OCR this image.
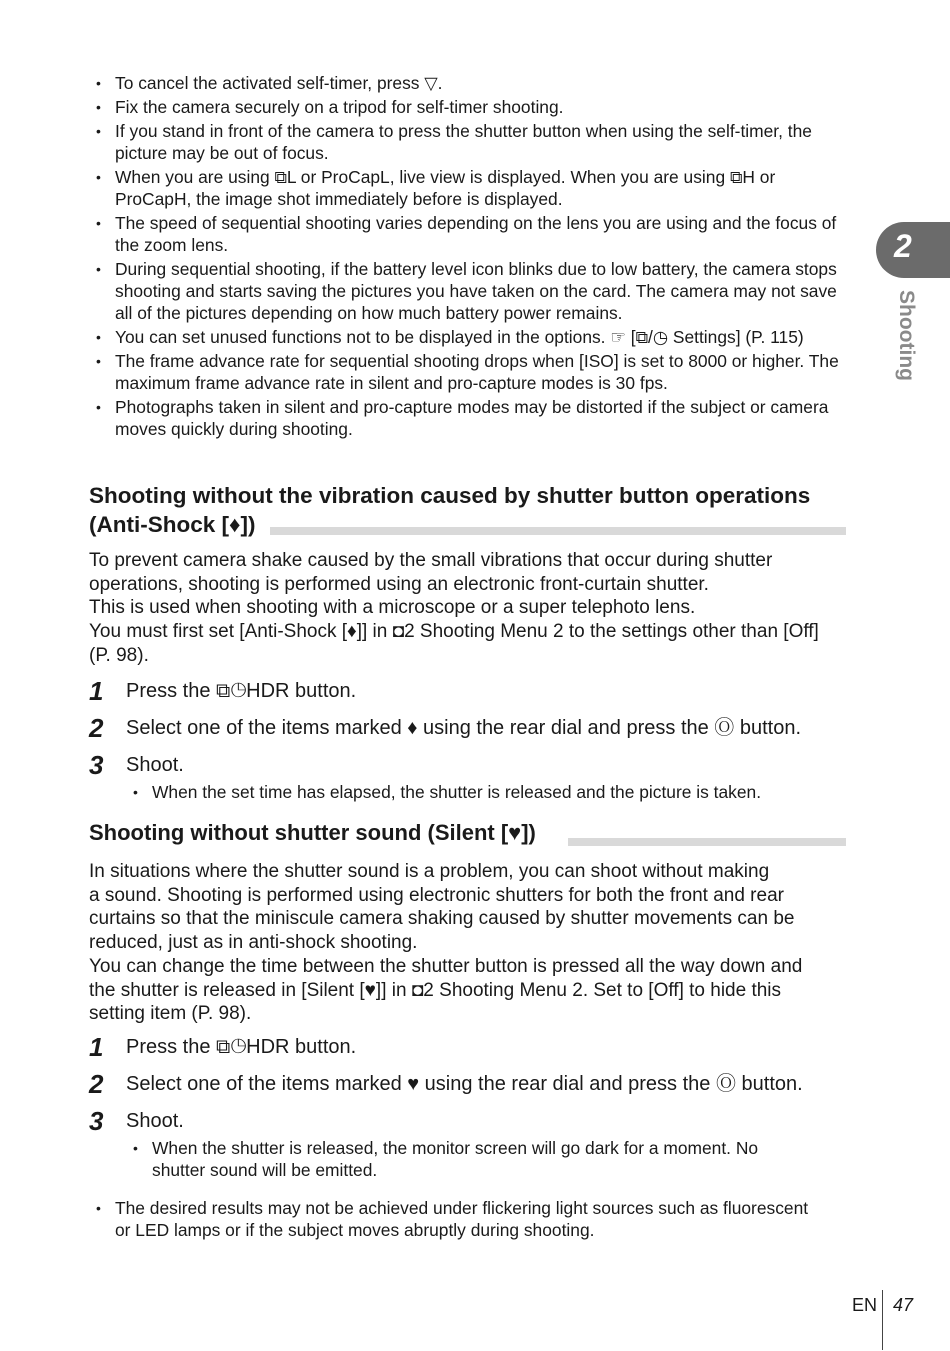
• To cancel the activated self-timer, press ▽.
• Fix the camera securely on a tripod for self-timer shooting.
• If you stand in front of the camera to press the shutter button when using the self-timer, the picture may be out of focus.
• When you are using ⧉L or ProCapL, live view is displayed. When you are using ⧉H or ProCapH, the image shot immediately before is displayed.
• The speed of sequential shooting varies depending on the lens you are using and the focus of the zoom lens.
• During sequential shooting, if the battery level icon blinks due to low battery, the camera stops shooting and starts saving the pictures you have taken on the card. The camera may not save all of the pictures depending on how much battery power remains.
• You can set unused functions not to be displayed in the options. ☞ [⧉/◷ Settings] (P. 115)
• The frame advance rate for sequential shooting drops when [ISO] is set to 8000 or higher. The maximum frame advance rate in silent and pro-capture modes is 30 fps.
• Photographs taken in silent and pro-capture modes may be distorted if the subject or camera moves quickly during shooting.
Shooting without the vibration caused by shutter button operations
(Anti-Shock [♦])
To prevent camera shake caused by the small vibrations that occur during shutter
operations, shooting is performed using an electronic front-curtain shutter.
This is used when shooting with a microscope or a super telephoto lens.
You must first set [Anti-Shock [♦]] in ◘2 Shooting Menu 2 to the settings other than [Off]
(P. 98).
1 Press the ⧉◷HDR button.
2 Select one of the items marked ♦ using the rear dial and press the Ⓞ button.
3 Shoot.
• When the set time has elapsed, the shutter is released and the picture is taken.
Shooting without shutter sound (Silent [♥])
In situations where the shutter sound is a problem, you can shoot without making
a sound. Shooting is performed using electronic shutters for both the front and rear
curtains so that the miniscule camera shaking caused by shutter movements can be
reduced, just as in anti-shock shooting.
You can change the time between the shutter button is pressed all the way down and
the shutter is released in [Silent [♥]] in ◘2 Shooting Menu 2. Set to [Off] to hide this
setting item (P. 98).
1 Press the ⧉◷HDR button.
2 Select one of the items marked ♥ using the rear dial and press the Ⓞ button.
3 Shoot.
• When the shutter is released, the monitor screen will go dark for a moment. No
shutter sound will be emitted.
• The desired results may not be achieved under flickering light sources such as fluorescent
or LED lamps or if the subject moves abruptly during shooting.
2
Shooting
EN 47
